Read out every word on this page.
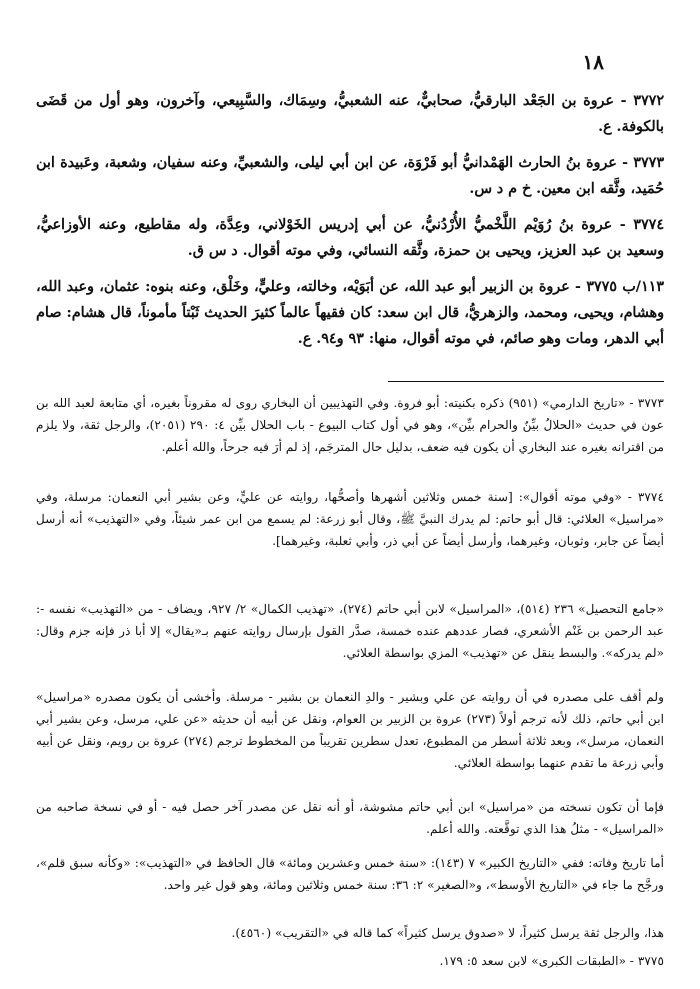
١٨
٣٧٧٢ - عروة بن الجَعْد البارقيُّ، صحابيٌّ، عنه الشعبيُّ، وسِمَاك، والسَّبِيعي، وآخرون، وهو أول من قَضَى بالكوفة. ع.
٣٧٧٣ - عروة بنُ الحارث الهَمْدانيُّ أبو فَرْوَة، عن ابن أبي ليلى، والشعبيِّ، وعنه سفيان، وشعبة، وعَبيدة ابن حُمَيد، وثَّقه ابن معين. خ م د س.
٣٧٧٤ - عروة بنُ رُوَيْم اللَّخْميُّ الأُرْدُنيُّ، عن أبي إدريس الخَوْلاني، وعِدَّة، وله مقاطيع، وعنه الأوزاعيُّ، وسعيد بن عبد العزيز، ويحيى بن حمزة، وثَّقه النسائي، وفي موته أقوال. د س ق.
١١٣/ب ٣٧٧٥ - عروة بن الزبير أبو عبد الله، عن أبَوَيْه، وخالته، وعليٍّ، وخَلْق، وعنه بنوه: عثمان، وعبد الله، وهشام، ويحيى، ومحمد، والزهريُّ، قال ابن سعد: كان فقيهاً عالماً كثيرَ الحديث ثَبْتاً مأموناً، قال هشام: صام أبي الدهر، ومات وهو صائم، في موته أقوال، منها: ٩٣ و٩٤. ع.
٣٧٧٣ - «تاريخ الدارمي» (٩٥١) ذكره بكنيته: أبو فروة. وفي التهذيبين أن البخاري روى له مقروناً بغيره، أي متابعة لعبد الله بن عون في حديث «الحلالُ بيِّنٌ والحرام بيِّن»، وهو في أول كتاب البيوع - باب الحلال بيِّن ٤: ٢٩٠ (٢٠٥١)، والرجل ثقة، ولا يلزم من اقترانه بغيره عند البخاري أن يكون فيه ضعف، بدليل حال المترجَم، إذ لم أرَ فيه جرحاً، والله أعلم.
٣٧٧٤ - «وفي موته أقوال»: [سنة خمس وثلاثين أشهرها وأصحُّها، روايته عن عليٍّ، وعن بشير أبي النعمان: مرسلة، وفي «مراسيل» العلائي: قال أبو حاتم: لم يدرك النبيَّ ﷺ، وقال أبو زرعة: لم يسمع من ابن عمر شيئاً، وفي «التهذيب» أنه أرسل أيضاً عن جابر، وثوبان، وغيرهما، وأرسل أيضاً عن أبي ذر، وأبي ثعلبة، وغيرهما].
«جامع التحصيل» ٢٣٦ (٥١٤)، «المراسيل» لابن أبي حاتم (٢٧٤)، «تهذيب الكمال» ٢/ ٩٢٧، ويضاف - من «التهذيب» نفسه -: عبد الرحمن بن غَنْم الأشعري، فصار عددهم عنده خمسة، صدَّر القول بإرسال روايته عنهم بـ«يقال» إلا أبا ذر فإنه جزم وقال: «لم يدركه». والبسط ينقل عن «تهذيب» المزي بواسطة العلائي.
ولم أقف على مصدره في أن روايته عن علي وبشير - والدِ النعمان بن بشير - مرسلة. وأخشى أن يكون مصدره «مراسيل» ابن أبي حاتم، ذلك لأنه ترجم أولاً (٢٧٣) عروة بن الزبير بن العوام، ونقل عن أبيه أن حديثه «عن علي، مرسل، وعن بشير أبي النعمان، مرسل»، وبعد ثلاثة أسطر من المطبوع، تعدل سطرين تقريباً من المخطوط ترجم (٢٧٤) عروة بن رويم، ونقل عن أبيه وأبي زرعة ما تقدم عنهما بواسطة العلائي.
فإما أن تكون نسخته من «مراسيل» ابن أبي حاتم مشوشة، أو أنه نقل عن مصدر آخر حصل فيه - أو في نسخة صاحبه من «المراسيل» - مثلُ هذا الذي توقَّعته. والله أعلم.
أما تاريخ وفاته: ففي «التاريخ الكبير» ٧ (١٤٣): «سنة خمس وعشرين ومائة» قال الحافظ في «التهذيب»: «وكأنه سبق قلم»، ورجَّح ما جاء في «التاريخ الأوسط»، و«الصغير» ٢: ٣٦: سنة خمس وثلاثين ومائة، وهو قول غير واحد.
هذا، والرجل ثقة يرسل كثيراً، لا «صدوق يرسل كثيراً» كما قاله في «التقريب» (٤٥٦٠).
٣٧٧٥ - «الطبقات الكبرى» لابن سعد ٥: ١٧٩.
